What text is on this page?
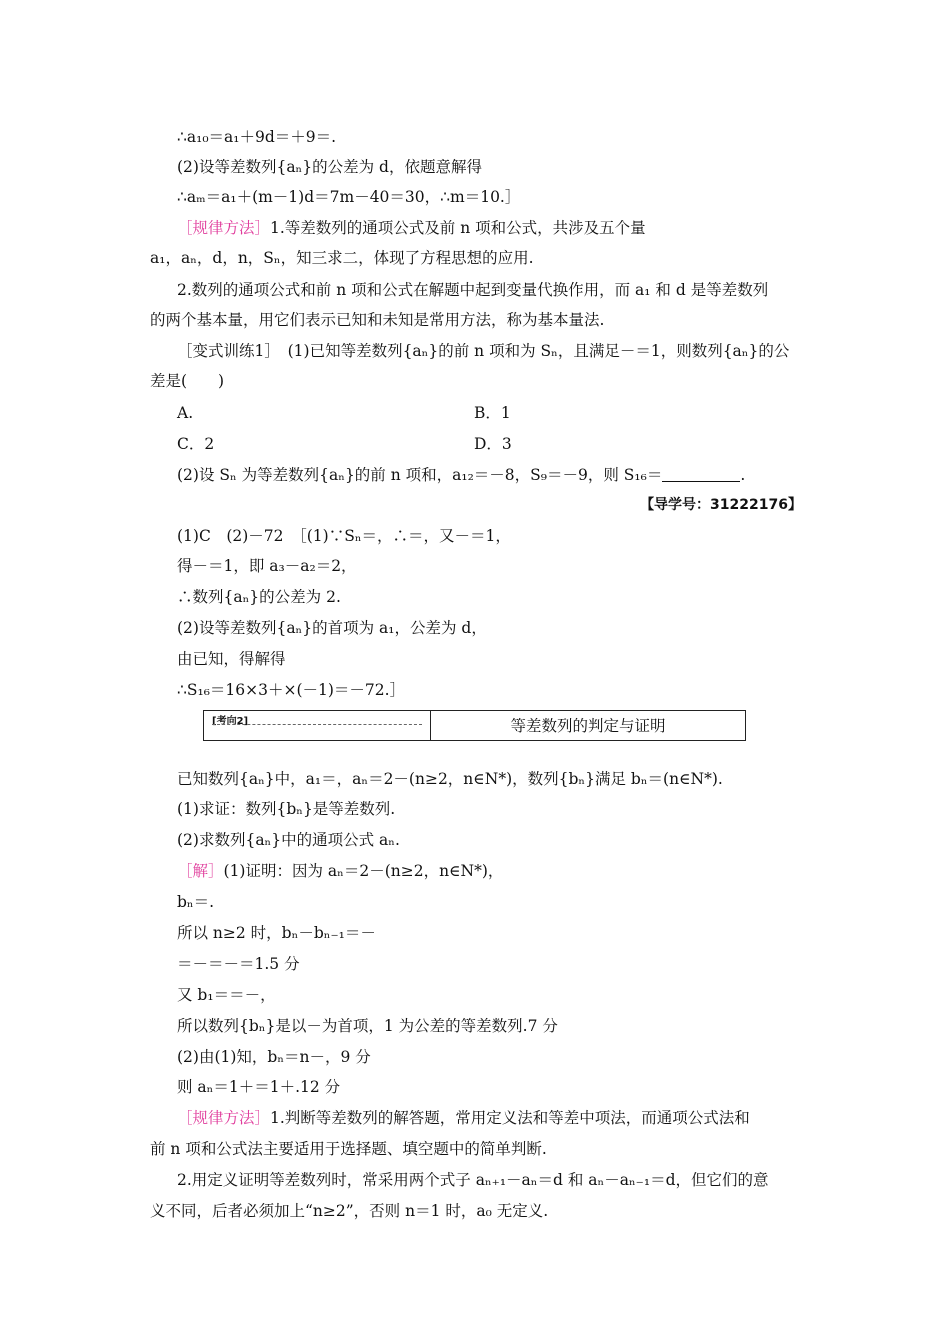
∴a₁₀＝a₁＋9d＝＋9＝.
(2)设等差数列{aₙ}的公差为 d，依题意解得
∴aₘ＝a₁＋(m－1)d＝7m－40＝30，∴m＝10.］
［规律方法］1.等差数列的通项公式及前 n 项和公式，共涉及五个量
a₁，aₙ，d，n，Sₙ，知三求二，体现了方程思想的应用.
2.数列的通项公式和前 n 项和公式在解题中起到变量代换作用，而 a₁ 和 d 是等差数列
的两个基本量，用它们表示已知和未知是常用方法，称为基本量法.
［变式训练1］　(1)已知等差数列{aₙ}的前 n 项和为 Sₙ，且满足－＝1，则数列{aₙ}的公
差是(　　)
A.	B．1
C．2	D．3
(2)设 Sₙ 为等差数列{aₙ}的前 n 项和，a₁₂＝－8，S₉＝－9，则 S₁₆＝	.
【导学号：31222176】
(1)C　(2)－72　［(1)∵Sₙ＝，∴＝，又－＝1，
得－＝1，即 a₃－a₂＝2，
∴数列{aₙ}的公差为 2.
(2)设等差数列{aₙ}的首项为 a₁，公差为 d，
由已知，得解得
∴S₁₆＝16×3＋×(－1)＝－72.］
[考向2]	等差数列的判定与证明
已知数列{aₙ}中，a₁＝，aₙ＝2－(n≥2，n∈N*)，数列{bₙ}满足 bₙ＝(n∈N*).
(1)求证：数列{bₙ}是等差数列.
(2)求数列{aₙ}中的通项公式 aₙ.
［解］(1)证明：因为 aₙ＝2－(n≥2，n∈N*)，
bₙ＝.
所以 n≥2 时，bₙ－bₙ₋₁＝－
＝－＝－＝1.5 分
又 b₁＝＝－，
所以数列{bₙ}是以－为首项，1 为公差的等差数列.7 分
(2)由(1)知，bₙ＝n－，9 分
则 aₙ＝1＋＝1＋.12 分
［规律方法］1.判断等差数列的解答题，常用定义法和等差中项法，而通项公式法和
前 n 项和公式法主要适用于选择题、填空题中的简单判断.
2.用定义证明等差数列时，常采用两个式子 aₙ₊₁－aₙ＝d 和 aₙ－aₙ₋₁＝d，但它们的意
义不同，后者必须加上“n≥2”，否则 n＝1 时，a₀ 无定义.
